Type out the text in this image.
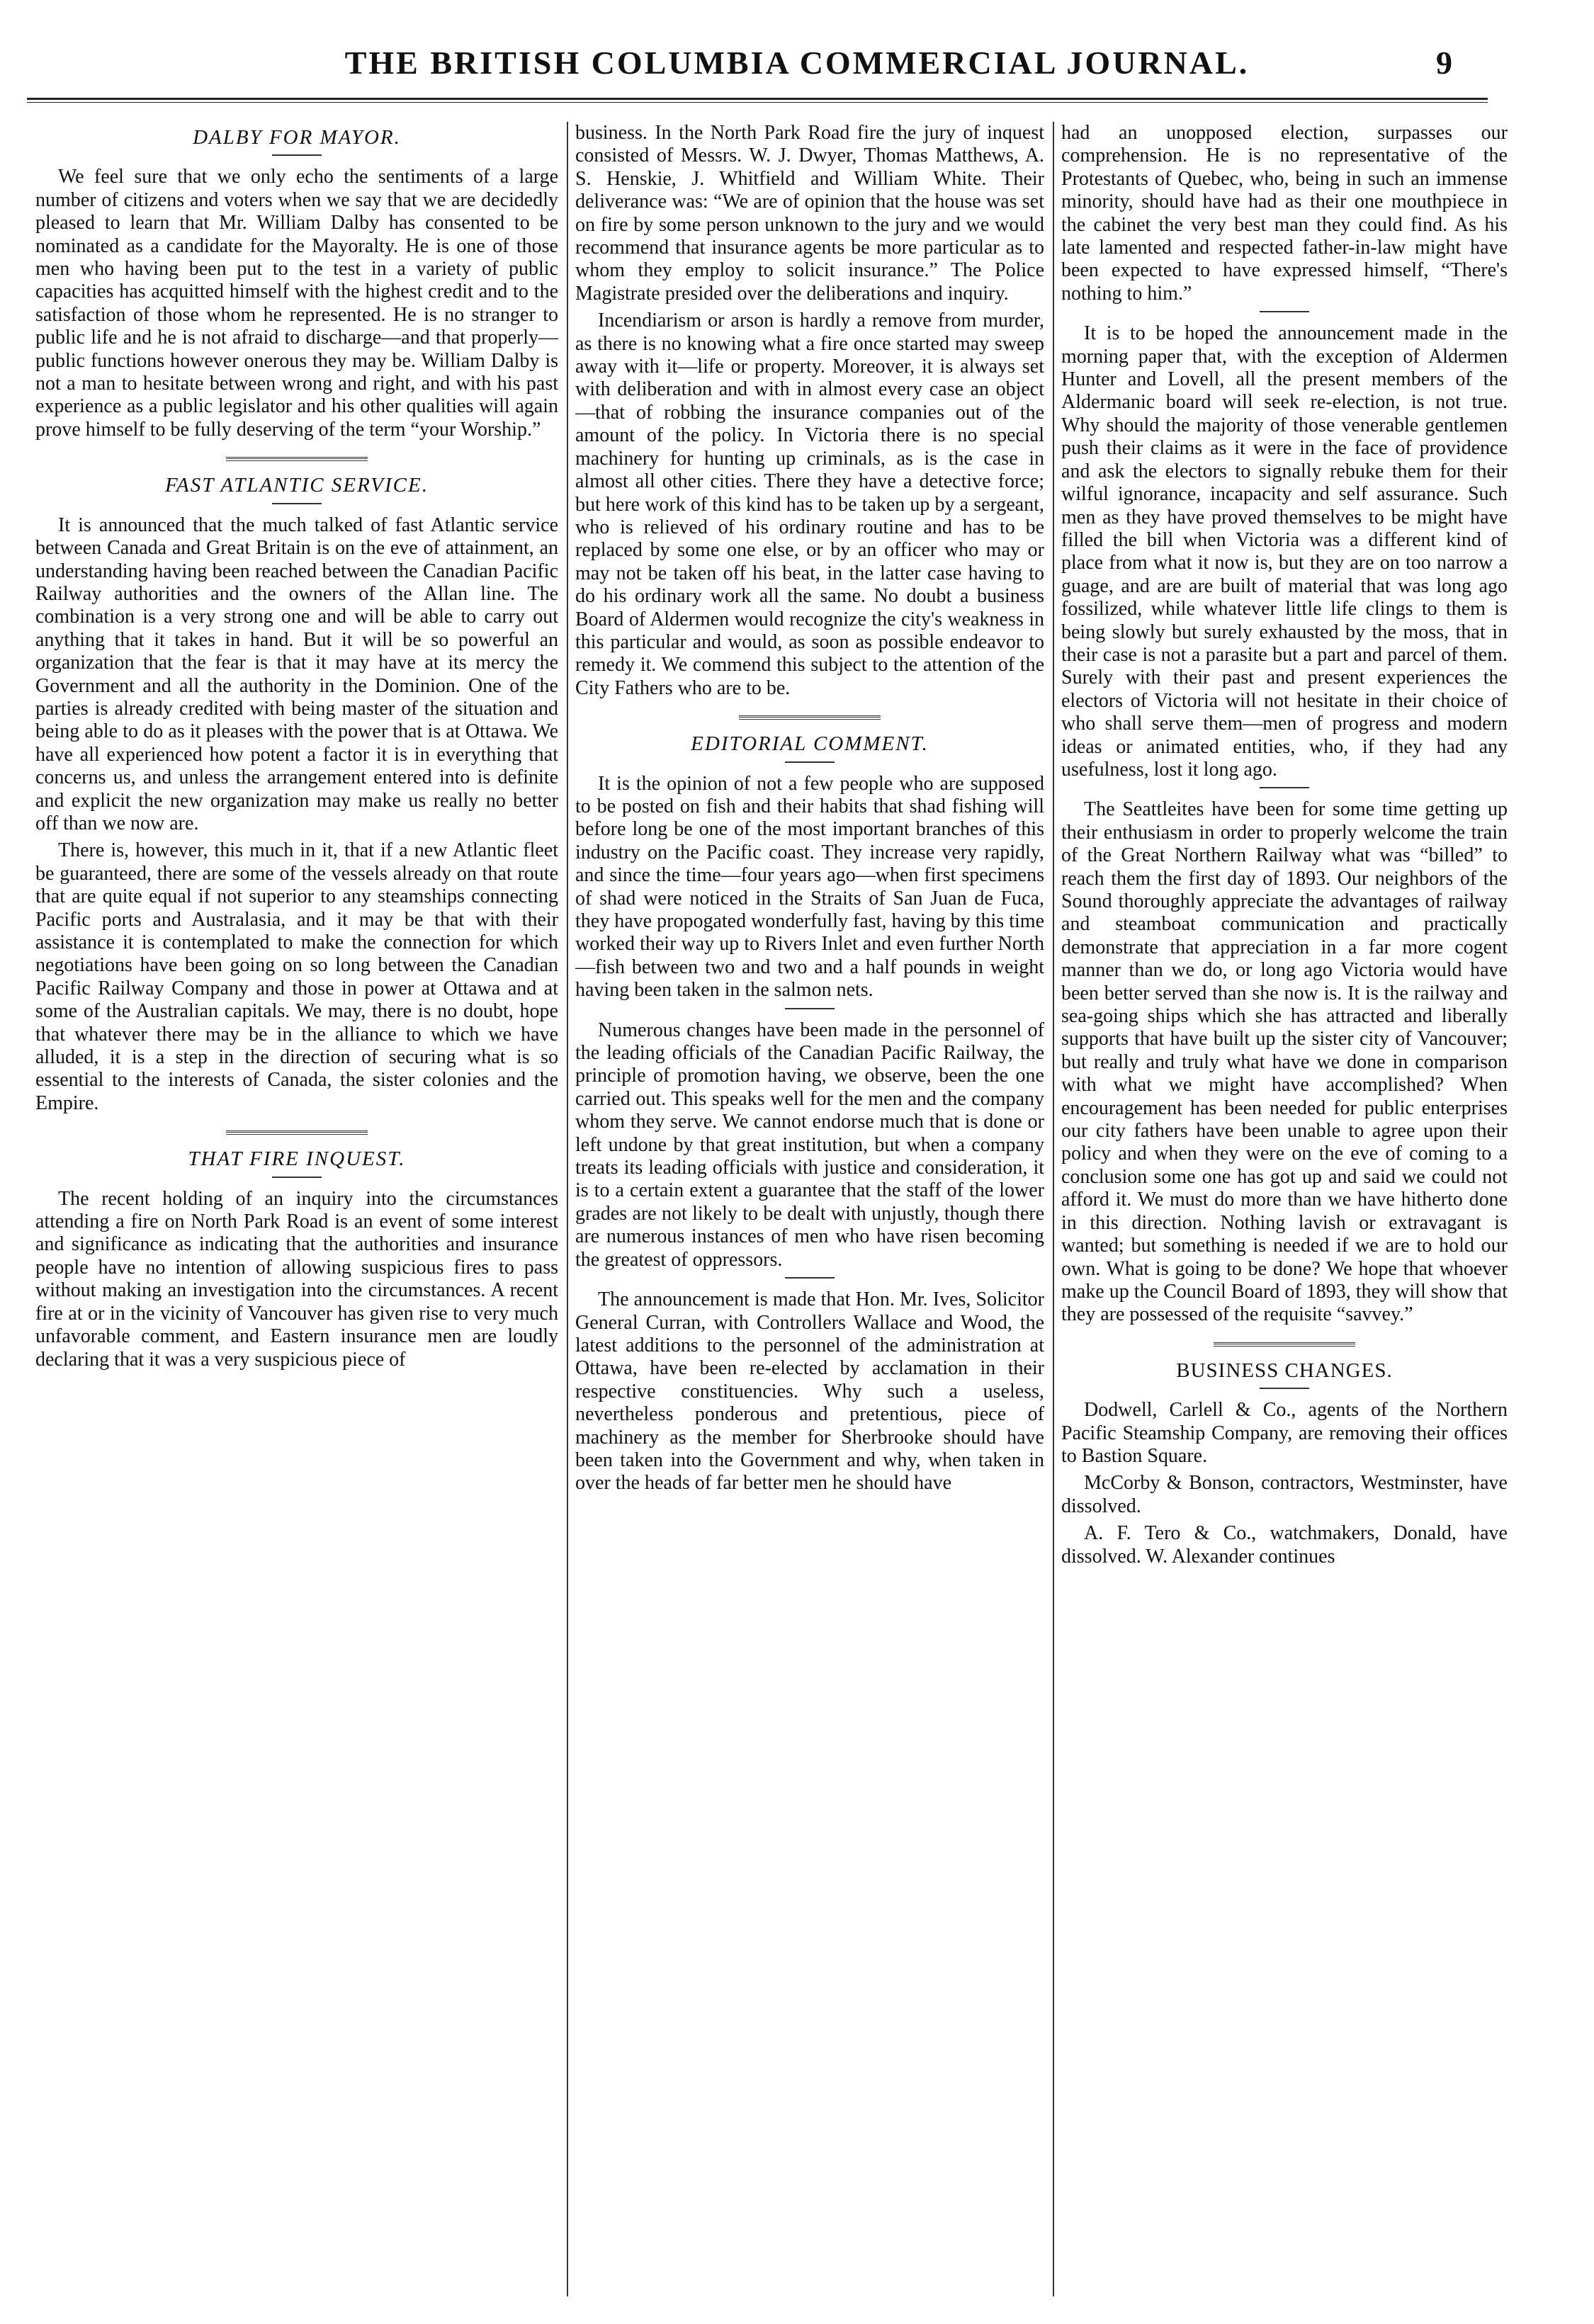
THE BRITISH COLUMBIA COMMERCIAL JOURNAL.	9
DALBY FOR MAYOR.

We feel sure that we only echo the sentiments of a large number of citizens and voters when we say that we are decidedly pleased to learn that Mr. William Dalby has consented to be nominated as a candidate for the Mayoralty. He is one of those men who having been put to the test in a variety of public capacities has acquitted himself with the highest credit and to the satisfaction of those whom he represented. He is no stranger to public life and he is not afraid to discharge—and that properly—public functions however onerous they may be. William Dalby is not a man to hesitate between wrong and right, and with his past experience as a public legislator and his other qualities will again prove himself to be fully deserving of the term “your Worship.”

FAST ATLANTIC SERVICE.

It is announced that the much talked of fast Atlantic service between Canada and Great Britain is on the eve of attainment, an understanding having been reached between the Canadian Pacific Railway authorities and the owners of the Allan line. The combination is a very strong one and will be able to carry out anything that it takes in hand. But it will be so powerful an organization that the fear is that it may have at its mercy the Government and all the authority in the Dominion. One of the parties is already credited with being master of the situation and being able to do as it pleases with the power that is at Ottawa. We have all experienced how potent a factor it is in everything that concerns us, and unless the arrangement entered into is definite and explicit the new organization may make us really no better off than we now are.

There is, however, this much in it, that if a new Atlantic fleet be guaranteed, there are some of the vessels already on that route that are quite equal if not superior to any steamships connecting Pacific ports and Australasia, and it may be that with their assistance it is contemplated to make the connection for which negotiations have been going on so long between the Canadian Pacific Railway Company and those in power at Ottawa and at some of the Australian capitals. We may, there is no doubt, hope that whatever there may be in the alliance to which we have alluded, it is a step in the direction of securing what is so essential to the interests of Canada, the sister colonies and the Empire.

THAT FIRE INQUEST.

The recent holding of an inquiry into the circumstances attending a fire on North Park Road is an event of some interest and significance as indicating that the authorities and insurance people have no intention of allowing suspicious fires to pass without making an investigation into the circumstances. A recent fire at or in the vicinity of Vancouver has given rise to very much unfavorable comment, and Eastern insurance men are loudly declaring that it was a very suspicious piece of

business. In the North Park Road fire the jury of inquest consisted of Messrs. W. J. Dwyer, Thomas Matthews, A. S. Henskie, J. Whitfield and William White. Their deliverance was: “We are of opinion that the house was set on fire by some person unknown to the jury and we would recommend that insurance agents be more particular as to whom they employ to solicit insurance.” The Police Magistrate presided over the deliberations and inquiry.

Incendiarism or arson is hardly a remove from murder, as there is no knowing what a fire once started may sweep away with it—life or property. Moreover, it is always set with deliberation and with in almost every case an object—that of robbing the insurance companies out of the amount of the policy. In Victoria there is no special machinery for hunting up criminals, as is the case in almost all other cities. There they have a detective force; but here work of this kind has to be taken up by a sergeant, who is relieved of his ordinary routine and has to be replaced by some one else, or by an officer who may or may not be taken off his beat, in the latter case having to do his ordinary work all the same. No doubt a business Board of Aldermen would recognize the city's weakness in this particular and would, as soon as possible endeavor to remedy it. We commend this subject to the attention of the City Fathers who are to be.

EDITORIAL COMMENT.

It is the opinion of not a few people who are supposed to be posted on fish and their habits that shad fishing will before long be one of the most important branches of this industry on the Pacific coast. They increase very rapidly, and since the time—four years ago—when first specimens of shad were noticed in the Straits of San Juan de Fuca, they have propogated wonderfully fast, having by this time worked their way up to Rivers Inlet and even further North—fish between two and two and a half pounds in weight having been taken in the salmon nets.

Numerous changes have been made in the personnel of the leading officials of the Canadian Pacific Railway, the principle of promotion having, we observe, been the one carried out. This speaks well for the men and the company whom they serve. We cannot endorse much that is done or left undone by that great institution, but when a company treats its leading officials with justice and consideration, it is to a certain extent a guarantee that the staff of the lower grades are not likely to be dealt with unjustly, though there are numerous instances of men who have risen becoming the greatest of oppressors.

The announcement is made that Hon. Mr. Ives, Solicitor General Curran, with Controllers Wallace and Wood, the latest additions to the personnel of the administration at Ottawa, have been re-elected by acclamation in their respective constituencies. Why such a useless, nevertheless ponderous and pretentious, piece of machinery as the member for Sherbrooke should have been taken into the Government and why, when taken in over the heads of far better men he should have

had an unopposed election, surpasses our comprehension. He is no representative of the Protestants of Quebec, who, being in such an immense minority, should have had as their one mouthpiece in the cabinet the very best man they could find. As his late lamented and respected father-in-law might have been expected to have expressed himself, “There's nothing to him.”

It is to be hoped the announcement made in the morning paper that, with the exception of Aldermen Hunter and Lovell, all the present members of the Aldermanic board will seek re-election, is not true. Why should the majority of those venerable gentlemen push their claims as it were in the face of providence and ask the electors to signally rebuke them for their wilful ignorance, incapacity and self assurance. Such men as they have proved themselves to be might have filled the bill when Victoria was a different kind of place from what it now is, but they are on too narrow a guage, and are are built of material that was long ago fossilized, while whatever little life clings to them is being slowly but surely exhausted by the moss, that in their case is not a parasite but a part and parcel of them. Surely with their past and present experiences the electors of Victoria will not hesitate in their choice of who shall serve them—men of progress and modern ideas or animated entities, who, if they had any usefulness, lost it long ago.

The Seattleites have been for some time getting up their enthusiasm in order to properly welcome the train of the Great Northern Railway what was “billed” to reach them the first day of 1893. Our neighbors of the Sound thoroughly appreciate the advantages of railway and steamboat communication and practically demonstrate that appreciation in a far more cogent manner than we do, or long ago Victoria would have been better served than she now is. It is the railway and sea-going ships which she has attracted and liberally supports that have built up the sister city of Vancouver; but really and truly what have we done in comparison with what we might have accomplished? When encouragement has been needed for public enterprises our city fathers have been unable to agree upon their policy and when they were on the eve of coming to a conclusion some one has got up and said we could not afford it. We must do more than we have hitherto done in this direction. Nothing lavish or extravagant is wanted; but something is needed if we are to hold our own. What is going to be done? We hope that whoever make up the Council Board of 1893, they will show that they are possessed of the requisite “savvey.”

BUSINESS CHANGES.

Dodwell, Carlell & Co., agents of the Northern Pacific Steamship Company, are removing their offices to Bastion Square.

McCorby & Bonson, contractors, Westminster, have dissolved.

A. F. Tero & Co., watchmakers, Donald, have dissolved. W. Alexander continues
